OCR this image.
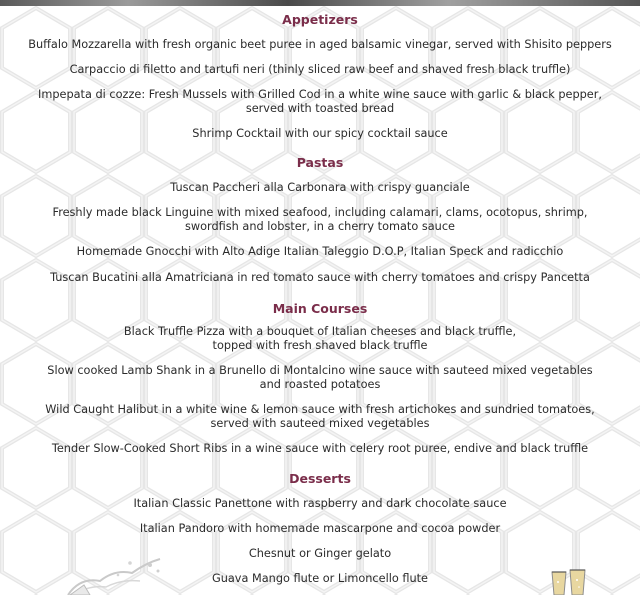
Appetizers
Buffalo Mozzarella with fresh organic beet puree in aged balsamic vinegar, served with Shisito peppers
Carpaccio di filetto and tartufi neri (thinly sliced raw beef and shaved fresh black truffle)
Impepata di cozze: Fresh Mussels with Grilled Cod in a white wine sauce with garlic & black pepper,
served with toasted bread
Shrimp Cocktail with our spicy cocktail sauce
Pastas
Tuscan Paccheri alla Carbonara with crispy guanciale
Freshly made black Linguine with mixed seafood, including calamari, clams, ocotopus, shrimp,
swordfish and lobster, in a cherry tomato sauce
Homemade Gnocchi with Alto Adige Italian Taleggio D.O.P, Italian Speck and radicchio
Tuscan Bucatini alla Amatriciana in red tomato sauce with cherry tomatoes and crispy Pancetta
Main Courses
Black Truffle Pizza with a bouquet of Italian cheeses and black truffle,
topped with fresh shaved black truffle
Slow cooked Lamb Shank in a Brunello di Montalcino wine sauce with sauteed mixed vegetables
and roasted potatoes
Wild Caught Halibut in a white wine & lemon sauce with fresh artichokes and sundried tomatoes,
served with sauteed mixed vegetables
Tender Slow-Cooked Short Ribs in a wine sauce with celery root puree, endive and black truffle
Desserts
Italian Classic Panettone with raspberry and dark chocolate sauce
Italian Pandoro with homemade mascarpone and cocoa powder
Chesnut or Ginger gelato
Guava Mango flute or Limoncello flute
